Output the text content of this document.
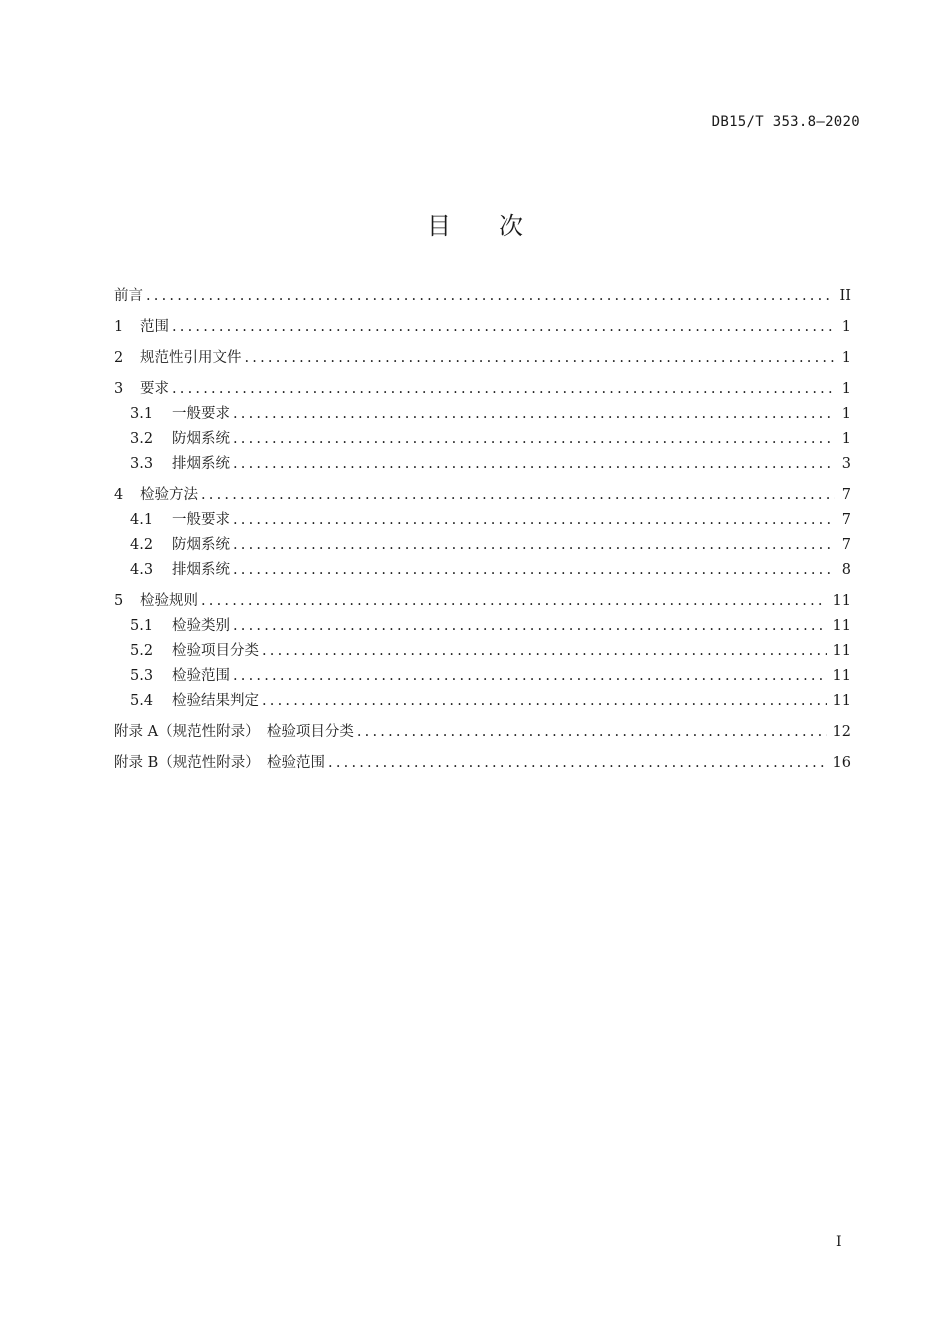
DB15/T 353.8—2020
目 次
前言 .....	II
1	范围 .....	1
2	规范性引用文件 .....	1
3	要求 .....	1
3.1	一般要求 .....	1
3.2	防烟系统 .....	1
3.3	排烟系统 .....	3
4	检验方法 .....	7
4.1	一般要求 .....	7
4.2	防烟系统 .....	7
4.3	排烟系统 .....	8
5	检验规则 .....	11
5.1	检验类别 .....	11
5.2	检验项目分类 .....	11
5.3	检验范围 .....	11
5.4	检验结果判定 .....	11
附录 A（规范性附录）　检验项目分类 .....	12
附录 B（规范性附录）　检验范围 .....	16
I
